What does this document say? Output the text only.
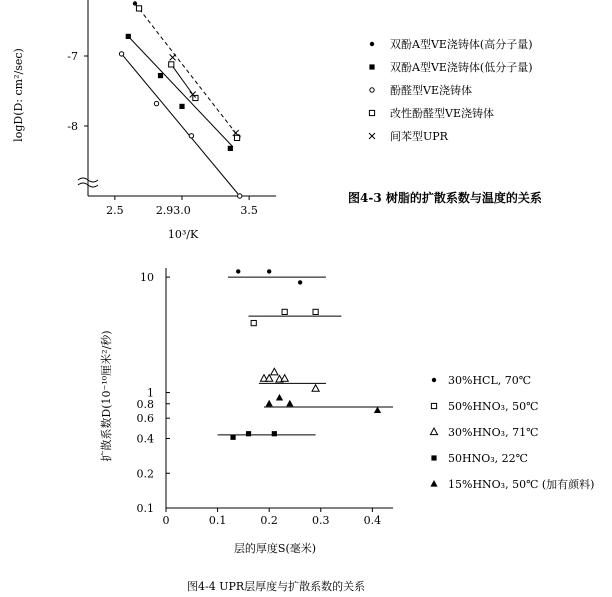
2.5	3.0	3.5
2.9
-7
-8
10³/K
logD(D: cm²/sec)
双酚A型VE浇铸体(高分子量)
双酚A型VE浇铸体(低分子量)
酚醛型VE浇铸体
改性酚醛型VE浇铸体
间苯型UPR
图4-3 树脂的扩散系数与温度的关系
0	0.1	0.2	0.3	0.4
0.1
0.2
0.4
0.6
0.8
1
10
层的厚度S(毫米)
扩散系数D(10⁻¹⁰厘米²/秒)	30%HCL, 70℃
50%HNO₃, 50℃
30%HNO₃, 71℃
50HNO₃, 22℃
15%HNO₃, 50℃ (加有颜料)
图4-4 UPR层厚度与扩散系数的关系
